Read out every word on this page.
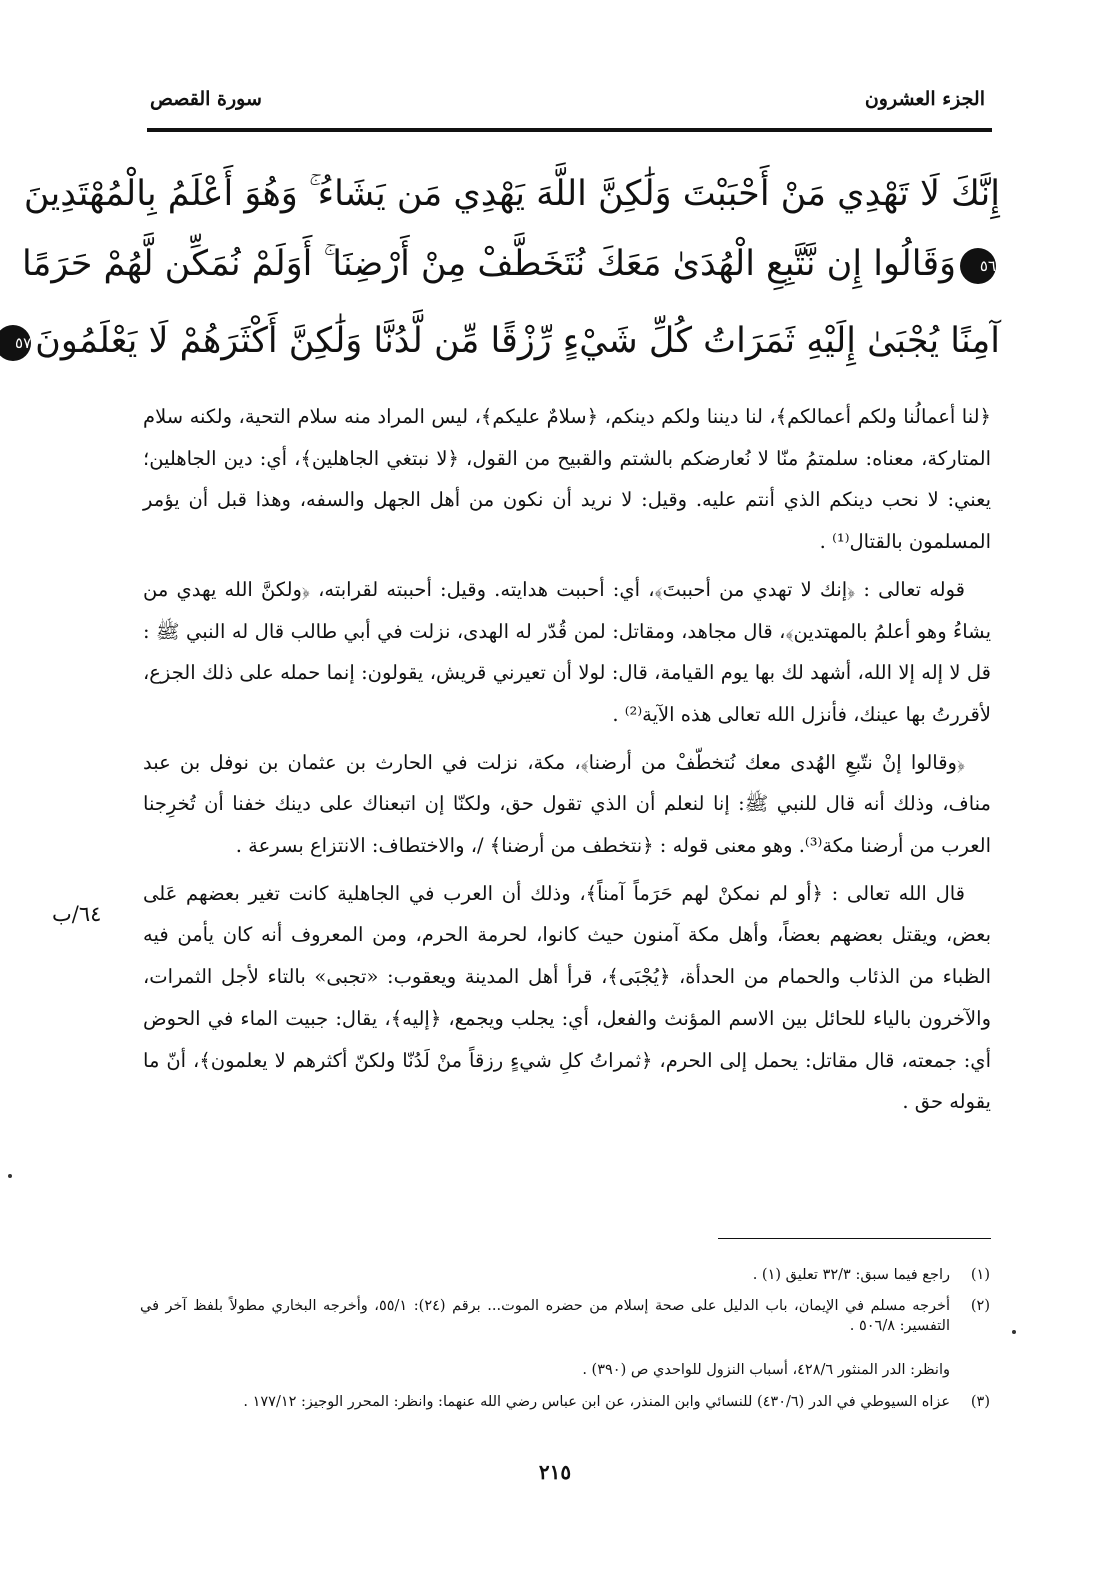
الجزء العشرون
سورة القصص
إِنَّكَ لَا تَهْدِي مَنْ أَحْبَبْتَ وَلَٰكِنَّ اللَّهَ يَهْدِي مَن يَشَاءُ ۚ وَهُوَ أَعْلَمُ بِالْمُهْتَدِينَ
٥٦وَقَالُوا إِن نَّتَّبِعِ الْهُدَىٰ مَعَكَ نُتَخَطَّفْ مِنْ أَرْضِنَا ۚ أَوَلَمْ نُمَكِّن لَّهُمْ حَرَمًا
آمِنًا يُجْبَىٰ إِلَيْهِ ثَمَرَاتُ كُلِّ شَيْءٍ رِّزْقًا مِّن لَّدُنَّا وَلَٰكِنَّ أَكْثَرَهُمْ لَا يَعْلَمُونَ٥٧

﴿لنا أعمالُنا ولكم أعمالكم﴾، لنا ديننا ولكم دينكم، ﴿سلامٌ عليكم﴾، ليس المراد منه سلام التحية، ولكنه سلام المتاركة، معناه: سلمتمُ منّا لا نُعارضكم بالشتم والقبيح من القول، ﴿لا نبتغي الجاهلين﴾، أي: دين الجاهلين؛ يعني: لا نحب دينكم الذي أنتم عليه. وقيل: لا نريد أن نكون من أهل الجهل والسفه، وهذا قبل أن يؤمر المسلمون بالقتال⁽¹⁾ .

قوله تعالى : ﴿إنك لا تهدي من أحببتَ﴾، أي: أحببت هدايته. وقيل: أحببته لقرابته، ﴿ولكنَّ الله يهدي من يشاءُ وهو أعلمُ بالمهتدين﴾، قال مجاهد، ومقاتل: لمن قُدّر له الهدى، نزلت في أبي طالب قال له النبي ﷺ : قل لا إله إلا الله، أشهد لك بها يوم القيامة، قال: لولا أن تعيرني قريش، يقولون: إنما حمله على ذلك الجزع، لأقررتُ بها عينك، فأنزل الله تعالى هذه الآية⁽²⁾ .

﴿وقالوا إنْ نتّبعِ الهُدى معك نُتخطّفْ من أرضنا﴾، مكة، نزلت في الحارث بن عثمان بن نوفل بن عبد مناف، وذلك أنه قال للنبي ﷺ: إنا لنعلم أن الذي تقول حق، ولكنّا إن اتبعناك على دينك خفنا أن تُخرِجنا العرب من أرضنا مكة⁽³⁾. وهو معنى قوله : ﴿نتخطف من أرضنا﴾ /، والاختطاف: الانتزاع بسرعة .

قال الله تعالى : ﴿أو لم نمكنْ لهم حَرَماً آمناً﴾، وذلك أن العرب في الجاهلية كانت تغير بعضهم عَلى بعض، ويقتل بعضهم بعضاً، وأهل مكة آمنون حيث كانوا، لحرمة الحرم، ومن المعروف أنه كان يأمن فيه الظباء من الذئاب والحمام من الحدأة، ﴿يُجْبَى﴾، قرأ أهل المدينة ويعقوب: «تجبى» بالتاء لأجل الثمرات، والآخرون بالياء للحائل بين الاسم المؤنث والفعل، أي: يجلب ويجمع، ﴿إليه﴾، يقال: جبيت الماء في الحوض أي: جمعته، قال مقاتل: يحمل إلى الحرم، ﴿ثمراتُ كلِ شيءٍ رزقاً منْ لَدُنّا ولكنّ أكثرهم لا يعلمون﴾، أنّ ما يقوله حق .

٦٤/ب
(١)
راجع فيما سبق: ٣٢/٣ تعليق (١) .
(٢)
أخرجه مسلم في الإيمان، باب الدليل على صحة إسلام من حضره الموت... برقم (٢٤): ٥٥/١، وأخرجه البخاري مطولاً بلفظ آخر في التفسير: ٥٠٦/٨ .
وانظر: الدر المنثور ٤٢٨/٦، أسباب النزول للواحدي ص (٣٩٠) .
(٣)
عزاه السيوطي في الدر (٤٣٠/٦) للنسائي وابن المنذر، عن ابن عباس رضي الله عنهما: وانظر: المحرر الوجيز: ١٧٧/١٢ .
٢١٥
